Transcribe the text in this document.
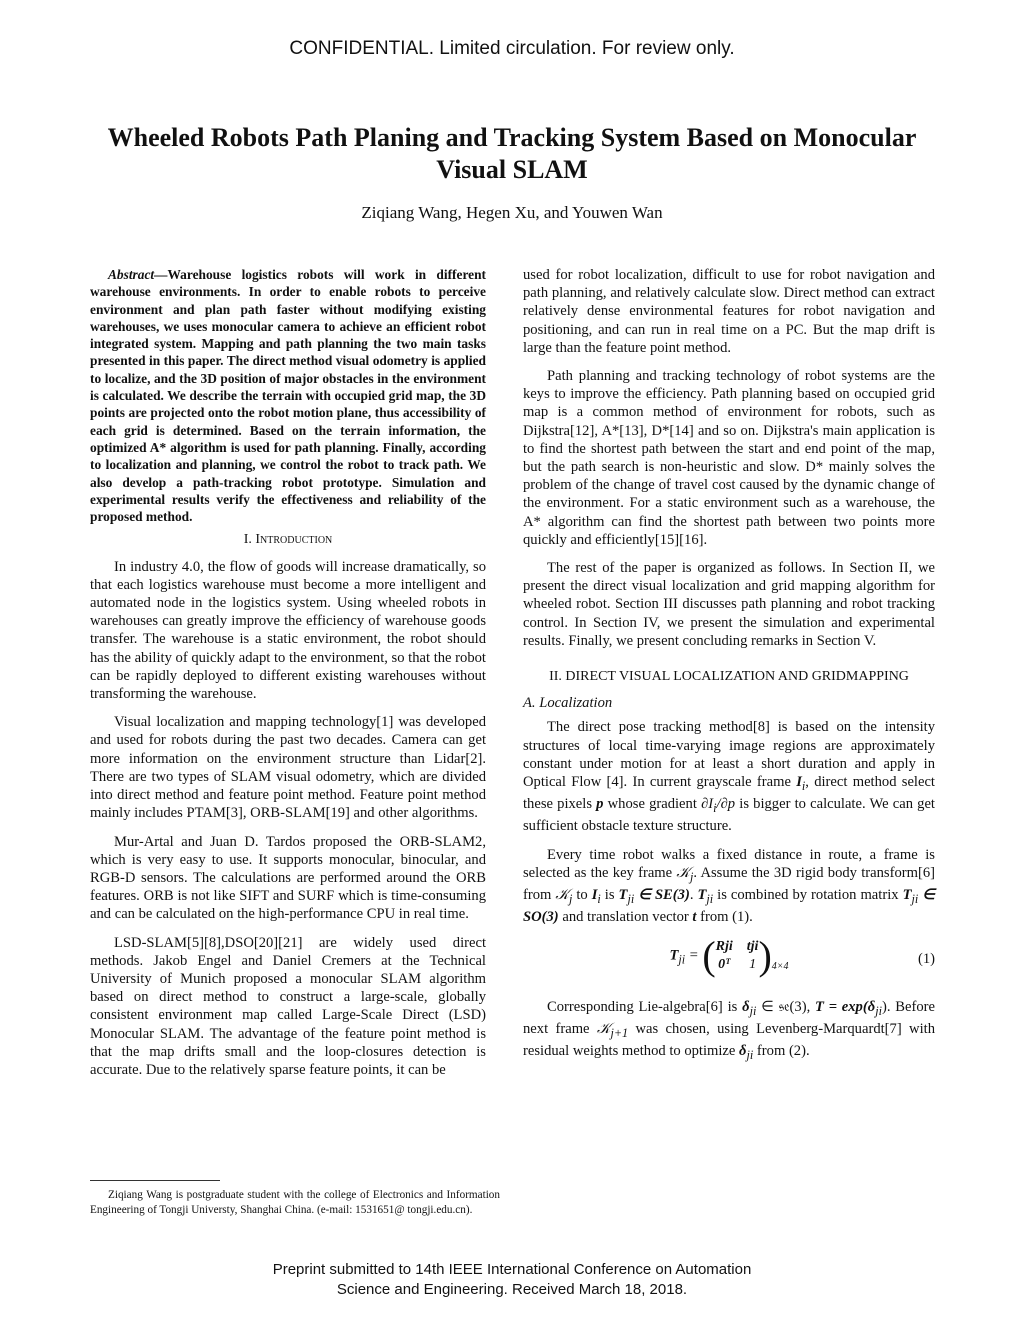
CONFIDENTIAL. Limited circulation. For review only.
Wheeled Robots Path Planing and Tracking System Based on Monocular Visual SLAM
Ziqiang Wang, Hegen Xu, and Youwen Wan

Abstract—Warehouse logistics robots will work in different warehouse environments. In order to enable robots to perceive environment and plan path faster without modifying existing warehouses, we uses monocular camera to achieve an efficient robot integrated system. Mapping and path planning the two main tasks presented in this paper. The direct method visual odometry is applied to localize, and the 3D position of major obstacles in the environment is calculated. We describe the terrain with occupied grid map, the 3D points are projected onto the robot motion plane, thus accessibility of each grid is determined. Based on the terrain information, the optimized A* algorithm is used for path planning. Finally, according to localization and planning, we control the robot to track path. We also develop a path-tracking robot prototype. Simulation and experimental results verify the effectiveness and reliability of the proposed method.

I. Introduction

In industry 4.0, the flow of goods will increase dramatically, so that each logistics warehouse must become a more intelligent and automated node in the logistics system. Using wheeled robots in warehouses can greatly improve the efficiency of warehouse goods transfer. The warehouse is a static environment, the robot should has the ability of quickly adapt to the environment, so that the robot can be rapidly deployed to different existing warehouses without transforming the warehouse.

Visual localization and mapping technology[1] was developed and used for robots during the past two decades. Camera can get more information on the environment structure than Lidar[2]. There are two types of SLAM visual odometry, which are divided into direct method and feature point method. Feature point method mainly includes PTAM[3], ORB-SLAM[19] and other algorithms.

Mur-Artal and Juan D. Tardos proposed the ORB-SLAM2, which is very easy to use. It supports monocular, binocular, and RGB-D sensors. The calculations are performed around the ORB features. ORB is not like SIFT and SURF which is time-consuming and can be calculated on the high-performance CPU in real time.

LSD-SLAM[5][8],DSO[20][21] are widely used direct methods. Jakob Engel and Daniel Cremers at the Technical University of Munich proposed a monocular SLAM algorithm based on direct method to construct a large-scale, globally consistent environment map called Large-Scale Direct (LSD) Monocular SLAM. The advantage of the feature point method is that the map drifts small and the loop-closures detection is accurate. Due to the relatively sparse feature points, it can be

used for robot localization, difficult to use for robot navigation and path planning, and relatively calculate slow. Direct method can extract relatively dense environmental features for robot navigation and positioning, and can run in real time on a PC. But the map drift is large than the feature point method.

Path planning and tracking technology of robot systems are the keys to improve the efficiency. Path planning based on occupied grid map is a common method of environment for robots, such as Dijkstra[12], A*[13], D*[14] and so on. Dijkstra's main application is to find the shortest path between the start and end point of the map, but the path search is non-heuristic and slow. D* mainly solves the problem of the change of travel cost caused by the dynamic change of the environment. For a static environment such as a warehouse, the A* algorithm can find the shortest path between two points more quickly and efficiently[15][16].

The rest of the paper is organized as follows. In Section II, we present the direct visual localization and grid mapping algorithm for wheeled robot. Section III discusses path planning and robot tracking control. In Section IV, we present the simulation and experimental results. Finally, we present concluding remarks in Section V.

II. DIRECT VISUAL LOCALIZATION AND GRIDMAPPING
A. Localization

The direct pose tracking method[8] is based on the intensity structures of local time-varying image regions are approximately constant under motion for at least a short duration and apply in Optical Flow [4]. In current grayscale frame $I_i$, direct method select these pixels p whose gradient $\partial I_i/\partial p$ is bigger to calculate. We can get sufficient obstacle texture structure.

Every time robot walks a fixed distance in route, a frame is selected as the key frame 𝒦$_j$. Assume the 3D rigid body transform[6] from 𝒦$_j$ to $I_i$ is $T_{ji}$ ∈ SE(3). $T_{ji}$ is combined by rotation matrix $T_{ji}$ ∈ SO(3) and translation vector t from (1).

$T_{ji}$ = ( Rji tji
0ᵀ 1 ) 4×4	(1)

Corresponding Lie-algebra[6] is $\delta_{ji}$ ∈ 𝔰𝔢(3), $T = \exp(\delta_{ji})$. Before next frame 𝒦$_{j+1}$ was chosen, using Levenberg-Marquardt[7] with residual weights method to optimize $\delta_{ji}$ from (2).

Ziqiang Wang is postgraduate student with the college of Electronics and Information Engineering of Tongji Universty, Shanghai China. (e-mail: 1531651@ tongji.edu.cn).
Preprint submitted to 14th IEEE International Conference on Automation
Science and Engineering. Received March 18, 2018.
